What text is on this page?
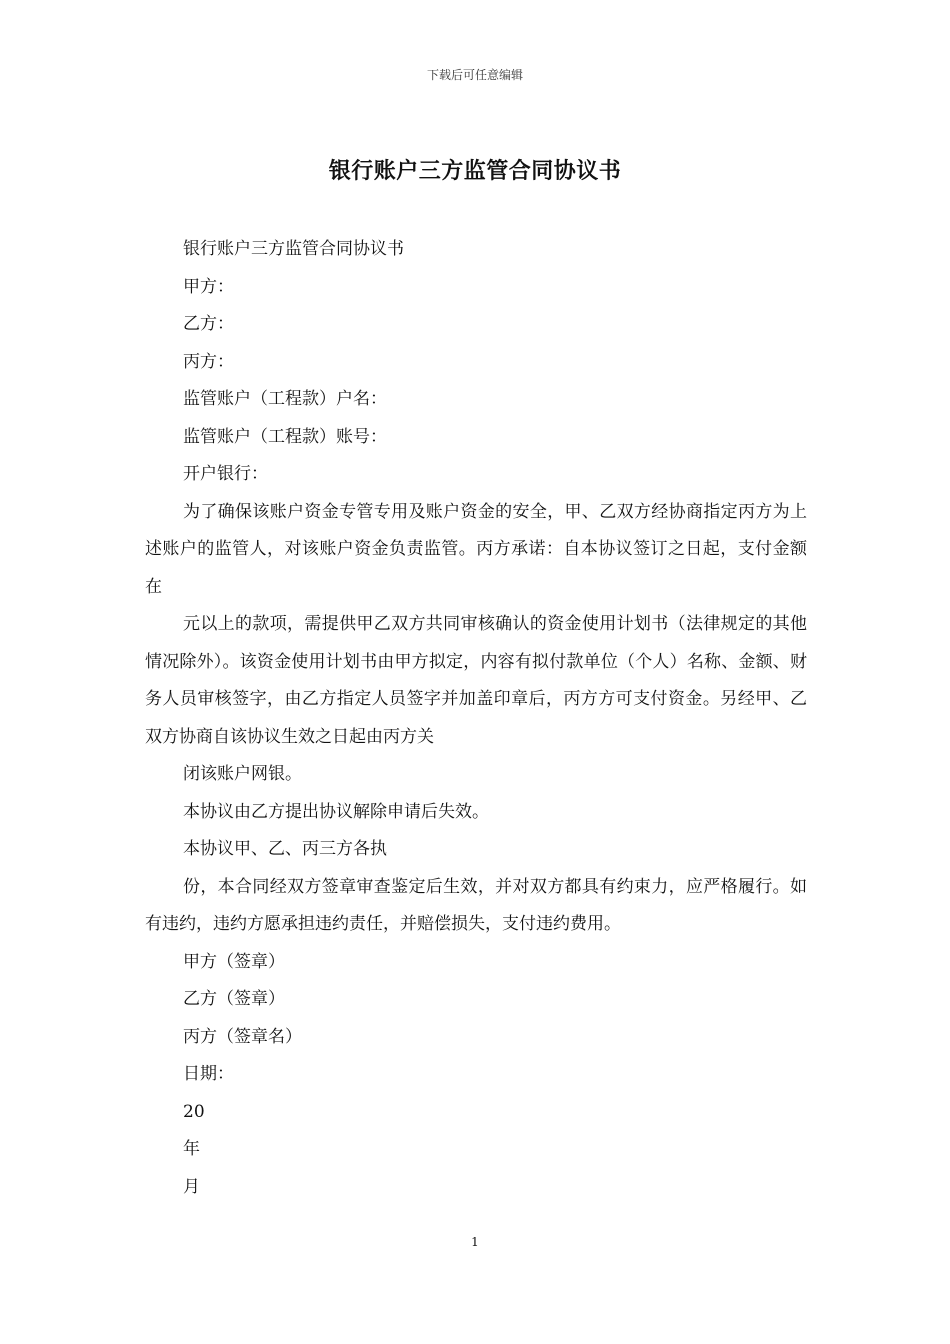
下载后可任意编辑
银行账户三方监管合同协议书

银行账户三方监管合同协议书

甲方：

乙方：

丙方：

监管账户（工程款）户名：

监管账户（工程款）账号：

开户银行：

为了确保该账户资金专管专用及账户资金的安全，甲、乙双方经协商指定丙方为上述账户的监管人，对该账户资金负责监管。丙方承诺：自本协议签订之日起，支付金额在

元以上的款项，需提供甲乙双方共同审核确认的资金使用计划书（法律规定的其他情况除外）。该资金使用计划书由甲方拟定，内容有拟付款单位（个人）名称、金额、财务人员审核签字，由乙方指定人员签字并加盖印章后，丙方方可支付资金。另经甲、乙双方协商自该协议生效之日起由丙方关

闭该账户网银。

本协议由乙方提出协议解除申请后失效。

本协议甲、乙、丙三方各执

份，本合同经双方签章审查鉴定后生效，并对双方都具有约束力，应严格履行。如有违约，违约方愿承担违约责任，并赔偿损失，支付违约费用。

甲方（签章）

乙方（签章）

丙方（签章名）

日期：

20

年

月

1
